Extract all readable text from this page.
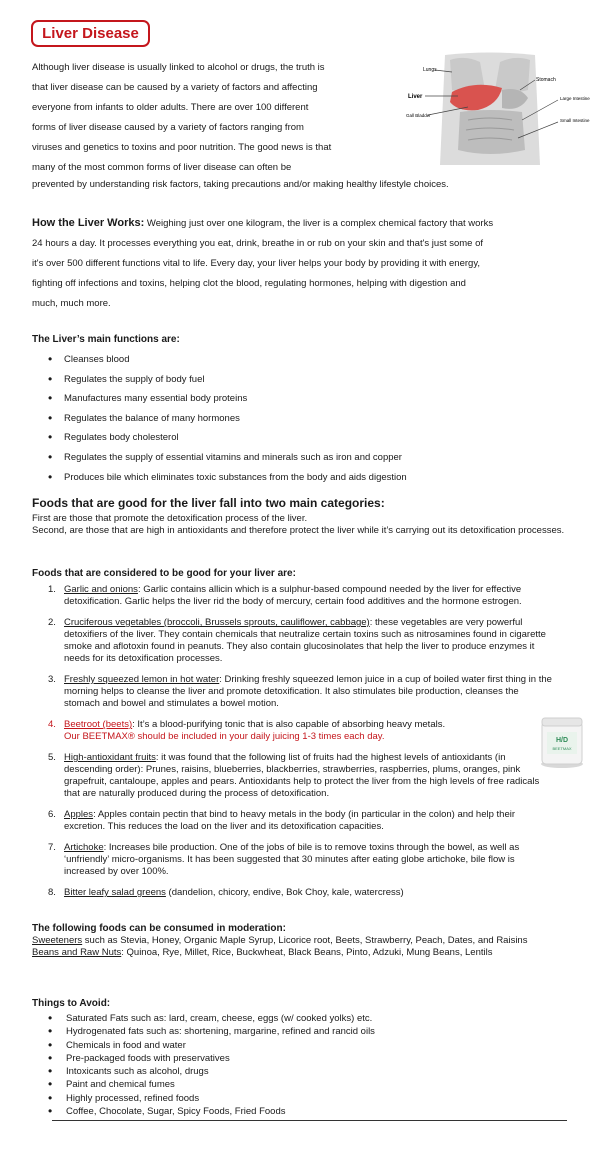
Liver Disease
Although liver disease is usually linked to alcohol or drugs, the truth is
that liver disease can be caused by a variety of factors and affecting
everyone from infants to older adults. There are over 100 different
forms of liver disease caused by a variety of factors ranging from
viruses and genetics to toxins and poor nutrition. The good news is that
many of the most common forms of liver disease can often be
prevented by understanding risk factors, taking precautions and/or making healthy lifestyle choices.
Lungs
Stomach
Liver
Gall Bladder
Large Intestine
Small Intestine
How the Liver Works: Weighing just over one kilogram, the liver is a complex chemical factory that works
24 hours a day. It processes everything you eat, drink, breathe in or rub on your skin and that's just some of
it's over 500 different functions vital to life. Every day, your liver helps your body by providing it with energy,
fighting off infections and toxins, helping clot the blood, regulating hormones, helping with digestion and
much, much more.
The Liver’s main functions are:
• Cleanses blood
• Regulates the supply of body fuel
• Manufactures many essential body proteins
• Regulates the balance of many hormones
• Regulates body cholesterol
• Regulates the supply of essential vitamins and minerals such as iron and copper
• Produces bile which eliminates toxic substances from the body and aids digestion
Foods that are good for the liver fall into two main categories:
First are those that promote the detoxification process of the liver.
Second, are those that are high in antioxidants and therefore protect the liver while it’s carrying out its detoxification processes.
Foods that are considered to be good for your liver are:
1. Garlic and onions: Garlic contains allicin which is a sulphur-based compound needed by the liver for effective detoxification. Garlic helps the liver rid the body of mercury, certain food additives and the hormone estrogen.
2. Cruciferous vegetables (broccoli, Brussels sprouts, cauliflower, cabbage): these vegetables are very powerful detoxifiers of the liver. They contain chemicals that neutralize certain toxins such as nitrosamines found in cigarette smoke and aflotoxin found in peanuts. They also contain glucosinolates that help the liver to produce enzymes it needs for its detoxification processes.
3. Freshly squeezed lemon in hot water: Drinking freshly squeezed lemon juice in a cup of boiled water first thing in the morning helps to cleanse the liver and promote detoxification. It also stimulates bile production, cleanses the stomach and bowel and stimulates a bowel motion.
4. Beetroot (beets): It’s a blood-purifying tonic that is also capable of absorbing heavy metals.
Our BEETMAX® should be included in your daily juicing 1-3 times each day.
5. High-antioxidant fruits: it was found that the following list of fruits had the highest levels of antioxidants (in descending order): Prunes, raisins, blueberries, blackberries, strawberries, raspberries, plums, oranges, pink grapefruit, cantaloupe, apples and pears. Antioxidants help to protect the liver from the high levels of free radicals that are naturally produced during the process of detoxification.
6. Apples: Apples contain pectin that bind to heavy metals in the body (in particular in the colon) and help their excretion. This reduces the load on the liver and its detoxification capacities.
7. Artichoke: Increases bile production. One of the jobs of bile is to remove toxins through the bowel, as well as ‘unfriendly’ micro-organisms. It has been suggested that 30 minutes after eating globe artichoke, bile flow is increased by over 100%.
8. Bitter leafy salad greens (dandelion, chicory, endive, Bok Choy, kale, watercress)
H/D
BEETMAX
The following foods can be consumed in moderation:
Sweeteners such as Stevia, Honey, Organic Maple Syrup, Licorice root, Beets, Strawberry, Peach, Dates, and Raisins
Beans and Raw Nuts: Quinoa, Rye, Millet, Rice, Buckwheat, Black Beans, Pinto, Adzuki, Mung Beans, Lentils
Things to Avoid:
• Saturated Fats such as: lard, cream, cheese, eggs (w/ cooked yolks) etc.
• Hydrogenated fats such as: shortening, margarine, refined and rancid oils
• Chemicals in food and water
• Pre-packaged foods with preservatives
• Intoxicants such as alcohol, drugs
• Paint and chemical fumes
• Highly processed, refined foods
• Coffee, Chocolate, Sugar, Spicy Foods, Fried Foods
